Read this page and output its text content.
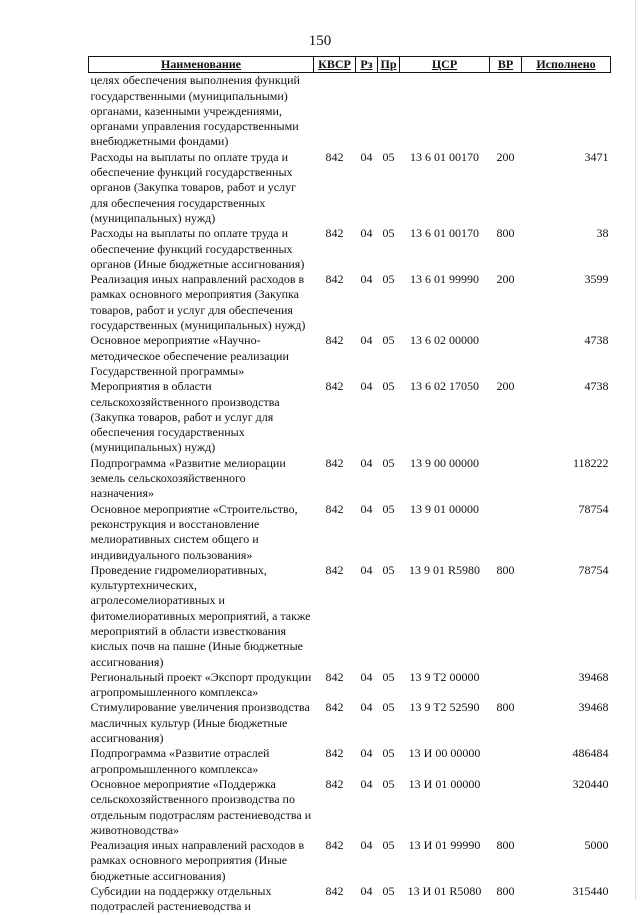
150
Наименование	КВСР	Рз	Пр	ЦСР	ВР	Исполнено
целях обеспечения выполнения функций государственными (муниципальными) органами, казенными учреждениями, органами управления государственными внебюджетными фондами)						
Расходы на выплаты по оплате труда и обеспечение функций государственных органов (Закупка товаров, работ и услуг для обеспечения государственных (муниципальных) нужд)	842	04	05	13 6 01 00170	200	3471
Расходы на выплаты по оплате труда и обеспечение функций государственных органов (Иные бюджетные ассигнования)	842	04	05	13 6 01 00170	800	38
Реализация иных направлений расходов в рамках основного мероприятия (Закупка товаров, работ и услуг для обеспечения государственных (муниципальных) нужд)	842	04	05	13 6 01 99990	200	3599
Основное мероприятие «Научно-методическое обеспечение реализации Государственной программы»	842	04	05	13 6 02 00000		4738
Мероприятия в области сельскохозяйственного производства (Закупка товаров, работ и услуг для обеспечения государственных (муниципальных) нужд)	842	04	05	13 6 02 17050	200	4738
Подпрограмма «Развитие мелиорации земель сельскохозяйственного назначения»	842	04	05	13 9 00 00000		118222
Основное мероприятие «Строительство, реконструкция и восстановление мелиоративных систем общего и индивидуального пользования»	842	04	05	13 9 01 00000		78754
Проведение гидромелиоративных, культуртехнических, агролесомелиоративных и фитомелиоративных мероприятий, а также мероприятий в области известкования кислых почв на пашне (Иные бюджетные ассигнования)	842	04	05	13 9 01 R5980	800	78754
Региональный проект «Экспорт продукции агропромышленного комплекса»	842	04	05	13 9 T2 00000		39468
Стимулирование увеличения производства масличных культур (Иные бюджетные ассигнования)	842	04	05	13 9 T2 52590	800	39468
Подпрограмма «Развитие отраслей агропромышленного комплекса»	842	04	05	13 И 00 00000		486484
Основное мероприятие «Поддержка сельскохозяйственного производства по отдельным подотраслям растениеводства и животноводства»	842	04	05	13 И 01 00000		320440
Реализация иных направлений расходов в рамках основного мероприятия (Иные бюджетные ассигнования)	842	04	05	13 И 01 99990	800	5000
Субсидии на поддержку отдельных подотраслей растениеводства и	842	04	05	13 И 01 R5080	800	315440
